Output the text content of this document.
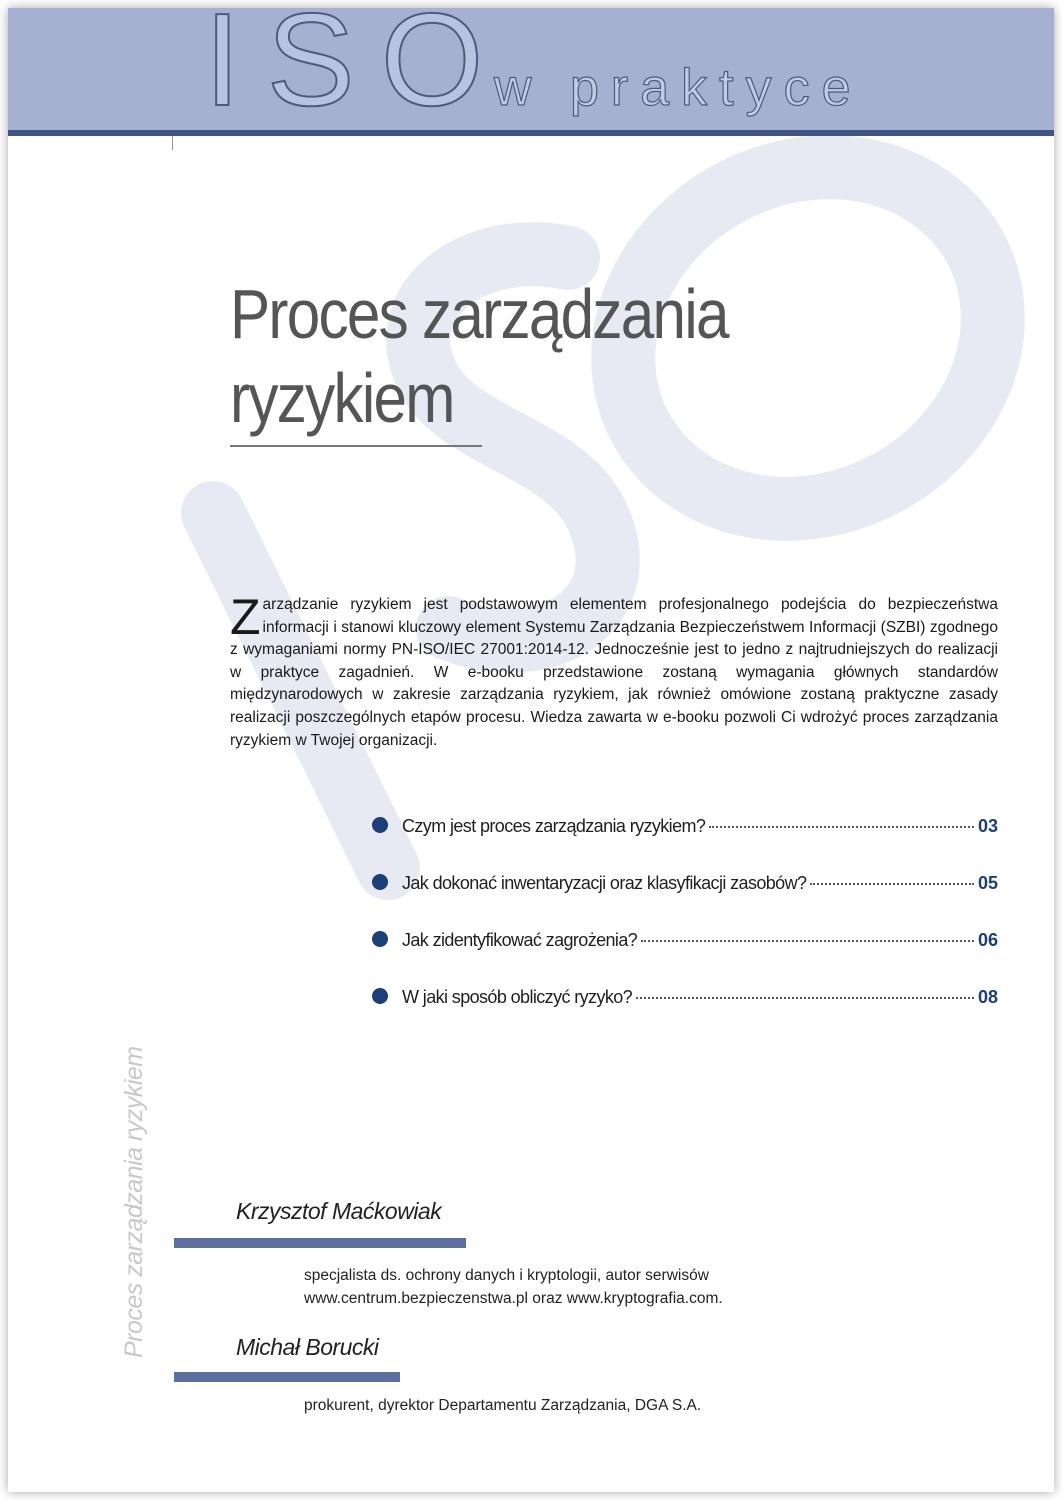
ISO
w praktyce
Proces zarządzania
ryzykiem

Zarządzanie ryzykiem jest podstawowym elementem profesjonalnego podejścia do bezpieczeństwa informacji i stanowi kluczowy element Systemu Zarządzania Bezpieczeństwem Informacji (SZBI) zgodnego z wymaganiami normy PN-ISO/IEC 27001:2014-12. Jednocześnie jest to jedno z najtrudniejszych do realizacji w praktyce zagadnień. W e-booku przedstawione zostaną wymagania głównych standardów międzynarodowych w zakresie zarządzania ryzykiem, jak również omówione zostaną praktyczne zasady realizacji poszczególnych etapów procesu. Wiedza zawarta w e-booku pozwoli Ci wdrożyć proces zarządzania ryzykiem w Twojej organizacji.

Czym jest proces zarządzania ryzykiem?	03
Jak dokonać inwentaryzacji oraz klasyfikacji zasobów?	05
Jak zidentyfikować zagrożenia?	06
W jaki sposób obliczyć ryzyko?	08
Proces zarządzania ryzykiem	Krzysztof Maćkowiak

specjalista ds. ochrony danych i kryptologii, autor serwisów
www.centrum.bezpieczenstwa.pl oraz www.kryptografia.com.

Michał Borucki

prokurent, dyrektor Departamentu Zarządzania, DGA S.A.
